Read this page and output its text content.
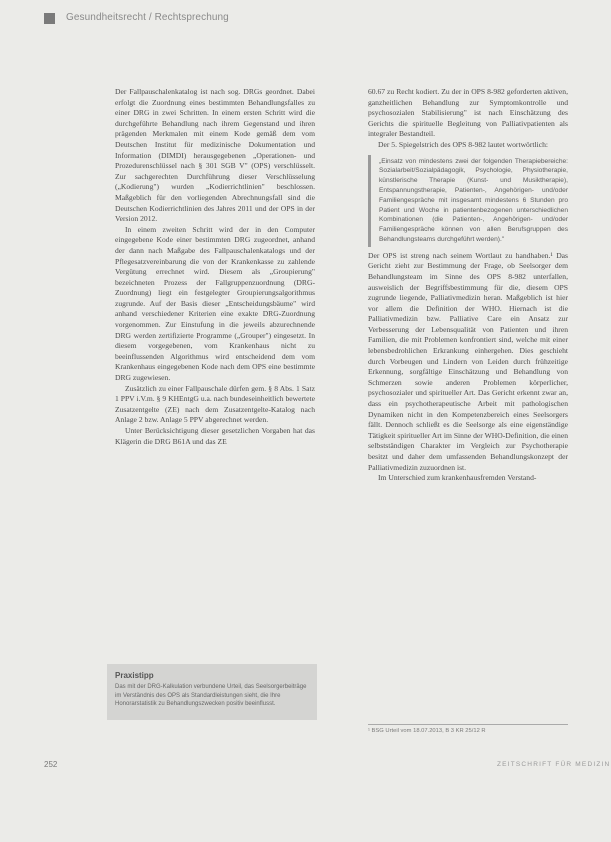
Gesundheitsrecht / Rechtsprechung

Der Fallpauschalenkatalog ist nach sog. DRGs geordnet. Dabei erfolgt die Zuordnung eines bestimmten Behandlungsfalles zu einer DRG in zwei Schritten. In einem ersten Schritt wird die durchgeführte Behandlung nach ihrem Gegenstand und ihren prägenden Merkmalen mit einem Kode gemäß dem vom Deutschen Institut für medizinische Dokumentation und Information (DIMDI) herausgegebenen „Operationen- und Prozedurenschlüssel nach § 301 SGB V" (OPS) verschlüsselt. Zur sachgerechten Durchführung dieser Verschlüsselung („Kodierung") wurden „Kodierrichtlinien" beschlossen. Maßgeblich für den vorliegenden Abrechnungsfall sind die Deutschen Kodierrichtlinien des Jahres 2011 und der OPS in der Version 2012.

In einem zweiten Schritt wird der in den Computer eingegebene Kode einer bestimmten DRG zugeordnet, anhand der dann nach Maßgabe des Fallpauschalenkatalogs und der Pflegesatzvereinbarung die von der Krankenkasse zu zahlende Vergütung errechnet wird. Diesem als „Groupierung" bezeichneten Prozess der Fallgruppenzuordnung (DRG-Zuordnung) liegt ein festgelegter Groupierungsalgorithmus zugrunde. Auf der Basis dieser „Entscheidungsbäume" wird anhand verschiedener Kriterien eine exakte DRG-Zuordnung vorgenommen. Zur Einstufung in die jeweils abzurechnende DRG werden zertifizierte Programme („Grouper") eingesetzt. In diesem vorgegebenen, vom Krankenhaus nicht zu beeinflussenden Algorithmus wird entscheidend dem vom Krankenhaus eingegebenen Kode nach dem OPS eine bestimmte DRG zugewiesen.

Zusätzlich zu einer Fallpauschale dürfen gem. § 8 Abs. 1 Satz 1 PPV i.V.m. § 9 KHEntgG u.a. nach bundeseinheitlich bewertete Zusatzentgelte (ZE) nach dem Zusatzentgelte-Katalog nach Anlage 2 bzw. Anlage 5 PPV abgerechnet werden.

Unter Berücksichtigung dieser gesetzlichen Vorgaben hat das Klägerin die DRG B61A und das ZE

60.67 zu Recht kodiert. Zu der in OPS 8-982 geforderten aktiven, ganzheitlichen Behandlung zur Symptomkontrolle und psychosozialen Stabilisierung" ist nach Einschätzung des Gerichts die spirituelle Begleitung von Palliativpatienten als integraler Bestandteil.

Der 5. Spiegelstrich des OPS 8-982 lautet wortwörtlich:

„Einsatz von mindestens zwei der folgenden Therapiebereiche: Sozialarbeit/Sozialpädagogik, Psychologie, Physiotherapie, künstlerische Therapie (Kunst- und Musiktherapie), Entspannungstherapie, Patienten-, Angehörigen- und/oder Familiengespräche mit insgesamt mindestens 6 Stunden pro Patient und Woche in patientenbezogenen unterschiedlichen Kombinationen (die Patienten-, Angehörigen- und/oder Familiengespräche können von allen Berufsgruppen des Behandlungsteams durchgeführt werden)."

Der OPS ist streng nach seinem Wortlaut zu handhaben.¹ Das Gericht zieht zur Bestimmung der Frage, ob Seelsorger dem Behandlungsteam im Sinne des OPS 8-982 unterfallen, ausweislich der Begriffsbestimmung für die, diesem OPS zugrunde liegende, Palliativmedizin heran. Maßgeblich ist hier vor allem die Definition der WHO. Hiernach ist die Palliativmedizin bzw. Palliative Care ein Ansatz zur Verbesserung der Lebensqualität von Patienten und ihren Familien, die mit Problemen konfrontiert sind, welche mit einer lebensbedrohlichen Erkrankung einhergehen. Dies geschieht durch Vorbeugen und Lindern von Leiden durch frühzeitige Erkennung, sorgfältige Einschätzung und Behandlung von Schmerzen sowie anderen Problemen körperlicher, psychosozialer und spiritueller Art. Das Gericht erkennt zwar an, dass ein psychotherapeutische Arbeit mit pathologischen Dynamiken nicht in den Kompetenzbereich eines Seelsorgers fällt. Dennoch schließt es die Seelsorge als eine eigenständige Tätigkeit spiritueller Art im Sinne der WHO-Definition, die einen selbstständigen Charakter im Vergleich zur Psychotherapie besitzt und daher dem umfassenden Behandlungskonzept der Palliativmedizin zuzuordnen ist.

Im Unterschied zum krankenhausfremden Verstand-

Praxistipp
Das mit der DRG-Kalkulation verbundene Urteil, das Seelsorgerbeiträge im Verständnis des OPS als Standardleistungen sieht, die Ihre Honorarstatistik zu Behandlungszwecken positiv beeinflusst.
¹ BSG Urteil vom 18.07.2013, B 3 KR 25/12 R
252	ZEITSCHRIFT FÜR MEDIZIN
